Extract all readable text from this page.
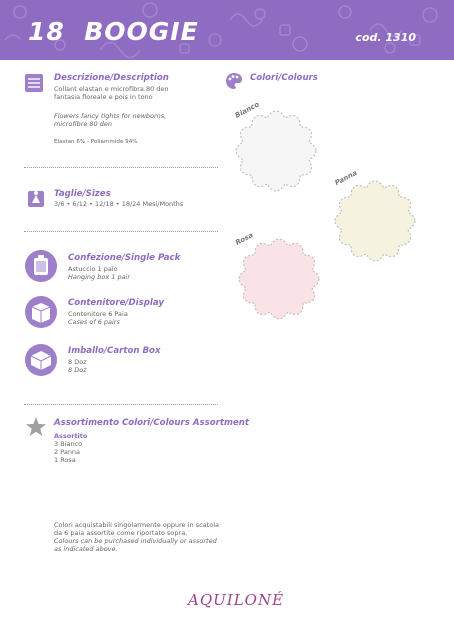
18 BOOGIE	cod. 1310
Descrizione/Description
Collant elastan e microfibra 80 den
fantasia floreale e pois in tono
Flowers fancy tights for newborns,
microfibre 80 den
Elastan 6% - Poliammide 94%
Taglie/Sizes
3/6 • 6/12 • 12/18 • 18/24 Mesi/Months
Confezione/Single Pack
Astuccio 1 paio
Hanging box 1 pair
Contenitore/Display
Contenitore 6 Paia
Cases of 6 pairs
Imballo/Carton Box
8 Doz
8 Doz
Assortimento Colori/Colours Assortment
Assortito
3 Bianco
2 Panna
1 Rosa
Colori acquistabili singolarmente oppure in scatola
da 6 paia assortite come riportato sopra.
Colours can be purchased individually or assorted
as indicated above.
Colori/Colours
Bianco
Panna
Rosa
AQUILONÉ
